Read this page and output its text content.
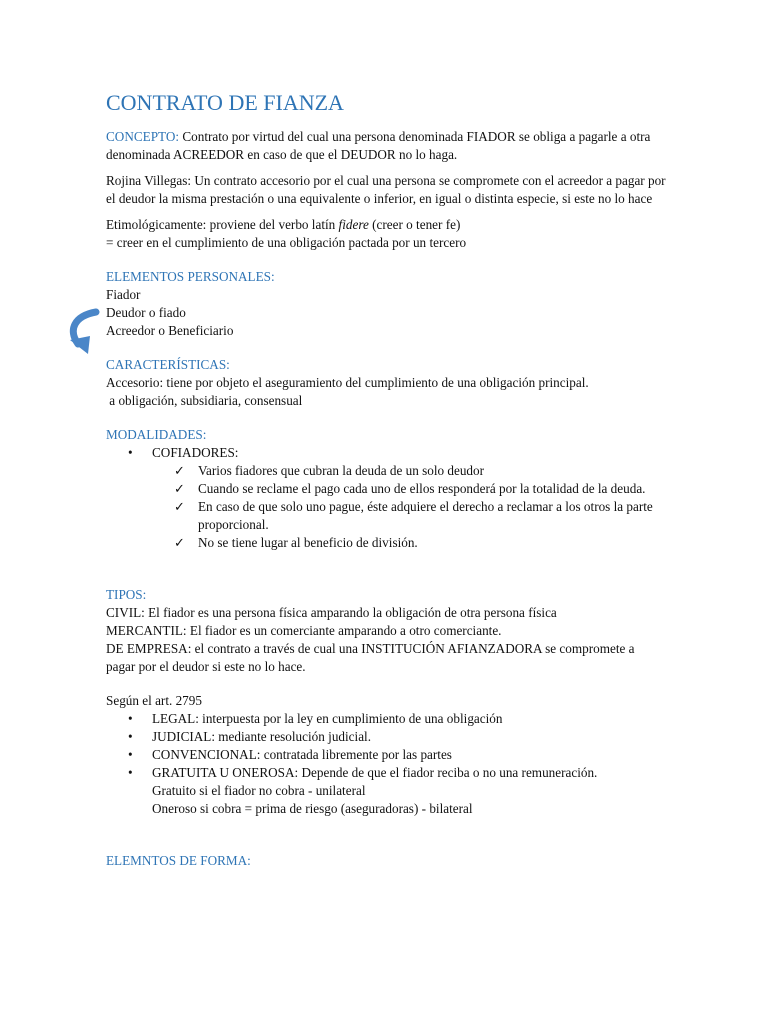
CONTRATO DE FIANZA

CONCEPTO: Contrato por virtud del cual una persona denominada FIADOR se obliga a pagarle a otra denominada ACREEDOR en caso de que el DEUDOR no lo haga.

Rojina Villegas: Un contrato accesorio por el cual una persona se compromete con el acreedor a pagar por el deudor la misma prestación o una equivalente o inferior, en igual o distinta especie, si este no lo hace

Etimológicamente: proviene del verbo latín fidere (creer o tener fe)

= creer en el cumplimiento de una obligación pactada por un tercero

ELEMENTOS PERSONALES:

Fiador

Deudor o fiado

Acreedor o Beneficiario

CARACTERÍSTICAS:

Accesorio: tiene por objeto el aseguramiento del cumplimiento de una obligación principal.

a obligación, subsidiaria, consensual

MODALIDADES:

• COFIADORES:
✓ Varios fiadores que cubran la deuda de un solo deudor
✓ Cuando se reclame el pago cada uno de ellos responderá por la totalidad de la deuda.
✓ En caso de que solo uno pague, éste adquiere el derecho a reclamar a los otros la parte proporcional.
✓ No se tiene lugar al beneficio de división.

TIPOS:

CIVIL: El fiador es una persona física amparando la obligación de otra persona física

MERCANTIL: El fiador es un comerciante amparando a otro comerciante.

DE EMPRESA: el contrato a través de cual una INSTITUCIÓN AFIANZADORA se compromete a pagar por el deudor si este no lo hace.

Según el art. 2795

• LEGAL: interpuesta por la ley en cumplimiento de una obligación
• JUDICIAL: mediante resolución judicial.
• CONVENCIONAL: contratada libremente por las partes
• GRATUITA U ONEROSA: Depende de que el fiador reciba o no una remuneración.
Gratuito si el fiador no cobra - unilateral
Oneroso si cobra = prima de riesgo (aseguradoras) - bilateral

ELEMNTOS DE FORMA:
